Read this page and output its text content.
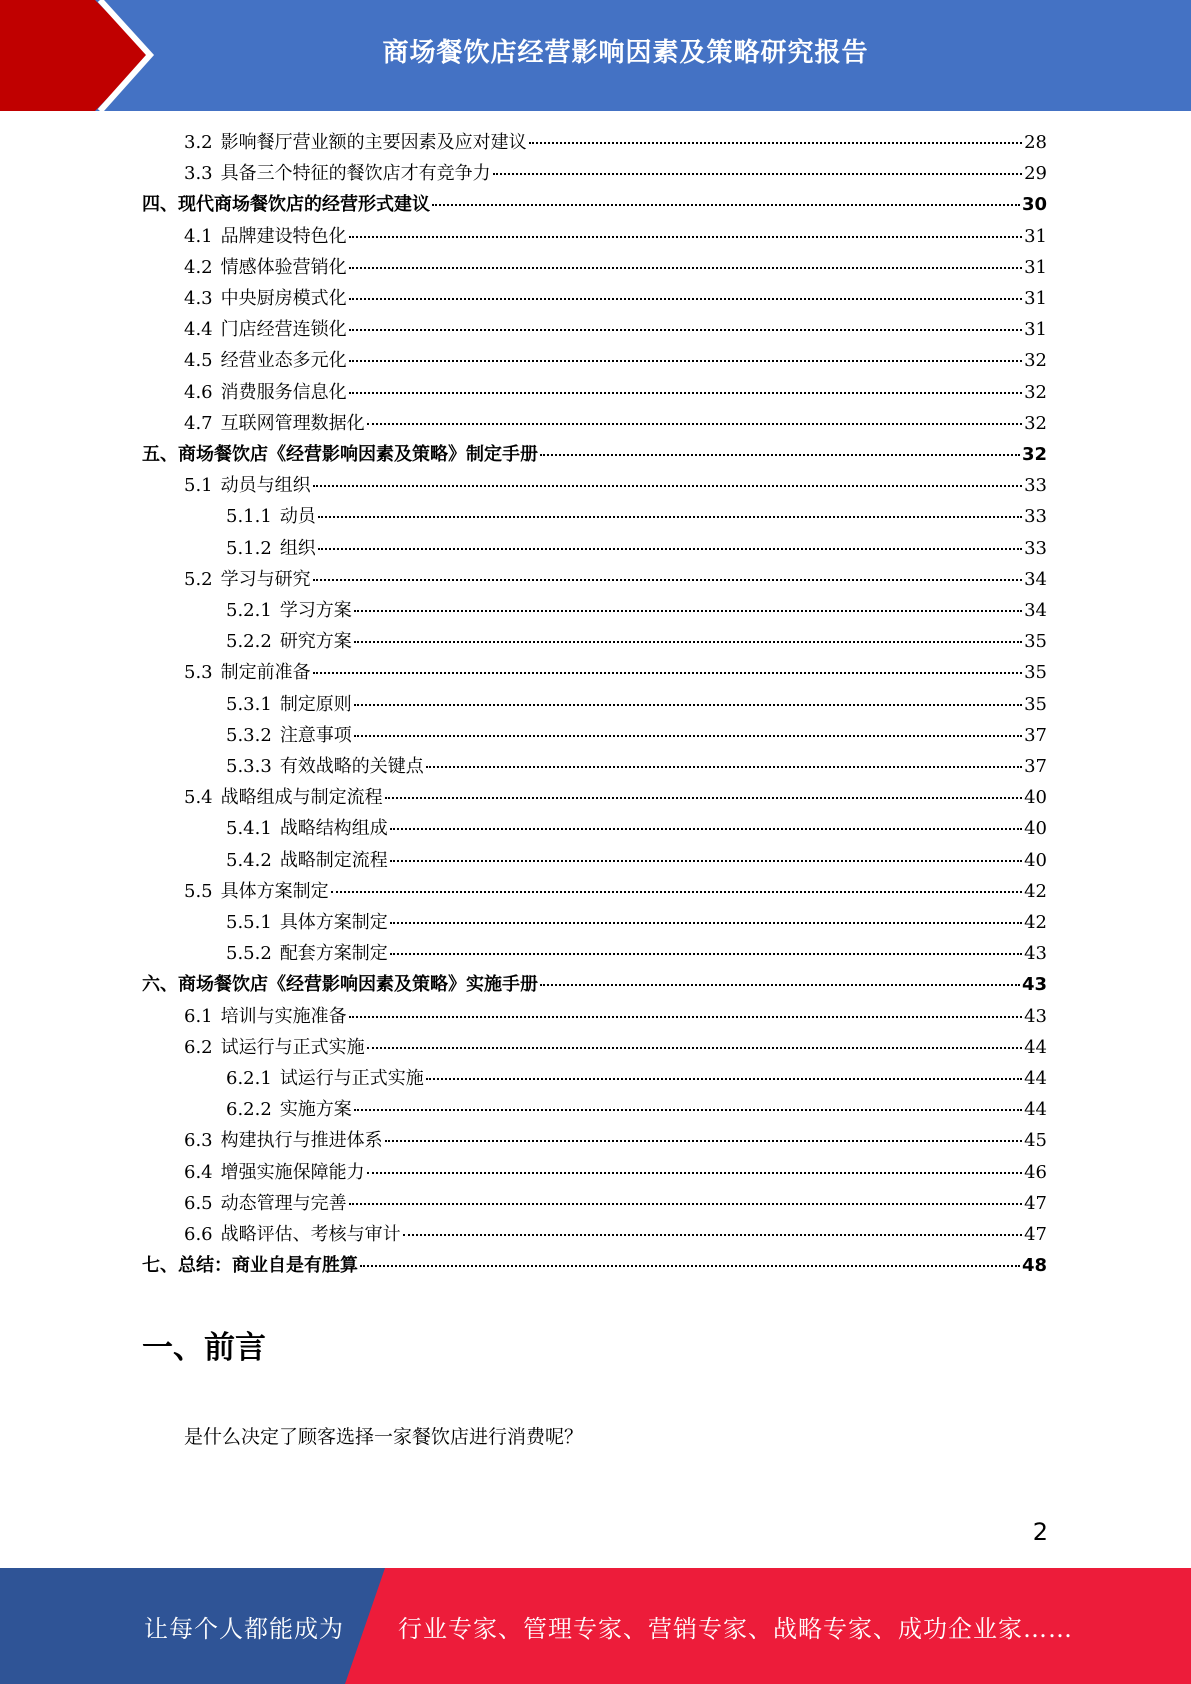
商场餐饮店经营影响因素及策略研究报告
3.2 影响餐厅营业额的主要因素及应对建议	28
3.3 具备三个特征的餐饮店才有竞争力	29
四、现代商场餐饮店的经营形式建议	30
4.1 品牌建设特色化	31
4.2 情感体验营销化	31
4.3 中央厨房模式化	31
4.4 门店经营连锁化	31
4.5 经营业态多元化	32
4.6 消费服务信息化	32
4.7 互联网管理数据化	32
五、商场餐饮店《经营影响因素及策略》制定手册	32
5.1 动员与组织	33
5.1.1 动员	33
5.1.2 组织	33
5.2 学习与研究	34
5.2.1 学习方案	34
5.2.2 研究方案	35
5.3 制定前准备	35
5.3.1 制定原则	35
5.3.2 注意事项	37
5.3.3 有效战略的关键点	37
5.4 战略组成与制定流程	40
5.4.1 战略结构组成	40
5.4.2 战略制定流程	40
5.5 具体方案制定	42
5.5.1 具体方案制定	42
5.5.2 配套方案制定	43
六、商场餐饮店《经营影响因素及策略》实施手册	43
6.1 培训与实施准备	43
6.2 试运行与正式实施	44
6.2.1 试运行与正式实施	44
6.2.2 实施方案	44
6.3 构建执行与推进体系	45
6.4 增强实施保障能力	46
6.5 动态管理与完善	47
6.6 战略评估、考核与审计	47
七、总结：商业自是有胜算	48
一、前言
是什么决定了顾客选择一家餐饮店进行消费呢？
2
让每个人都能成为 行业专家、管理专家、营销专家、战略专家、成功企业家……
